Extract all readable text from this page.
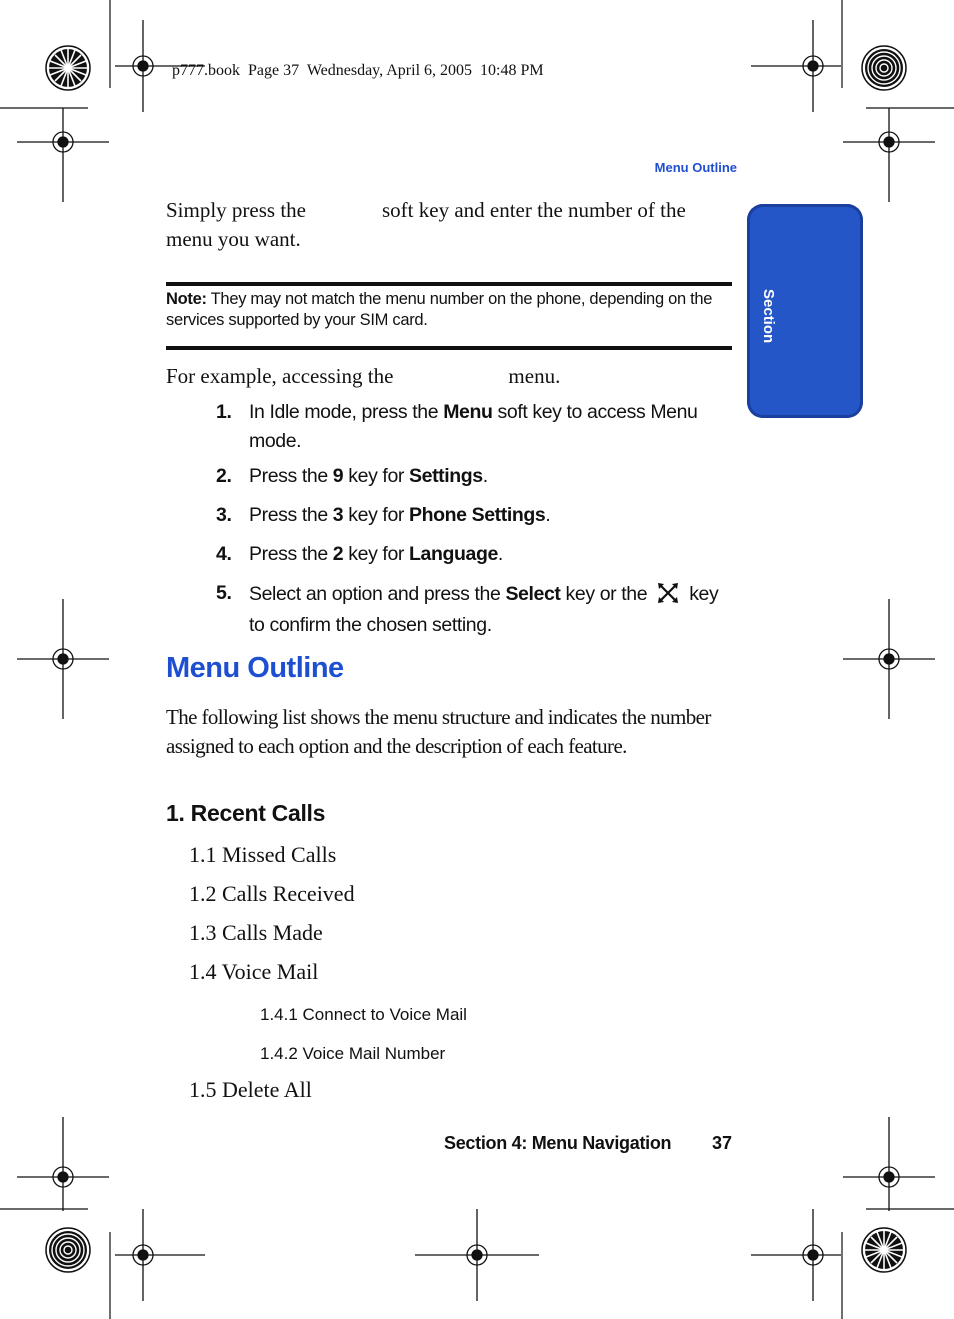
p777.book  Page 37  Wednesday, April 6, 2005  10:48 PM
Menu Outline
Section 4
Simply press the	soft key and enter the number of the menu you want.
Note: They may not match the menu number on the phone, depending on the services supported by your SIM card.
For example, accessing the	menu.
1. In Idle mode, press the Menu soft key to access Menu mode.
2. Press the 9 key for Settings.
3. Press the 3 key for Phone Settings.
4. Press the 2 key for Language.
5. Select an option and press the Select key or the  key to confirm the chosen setting.
Menu Outline
The following list shows the menu structure and indicates the number assigned to each option and the description of each feature.
1. Recent Calls
1.1 Missed Calls
1.2 Calls Received
1.3 Calls Made
1.4 Voice Mail
1.4.1 Connect to Voice Mail
1.4.2 Voice Mail Number
1.5 Delete All
Section 4: Menu Navigation	37
